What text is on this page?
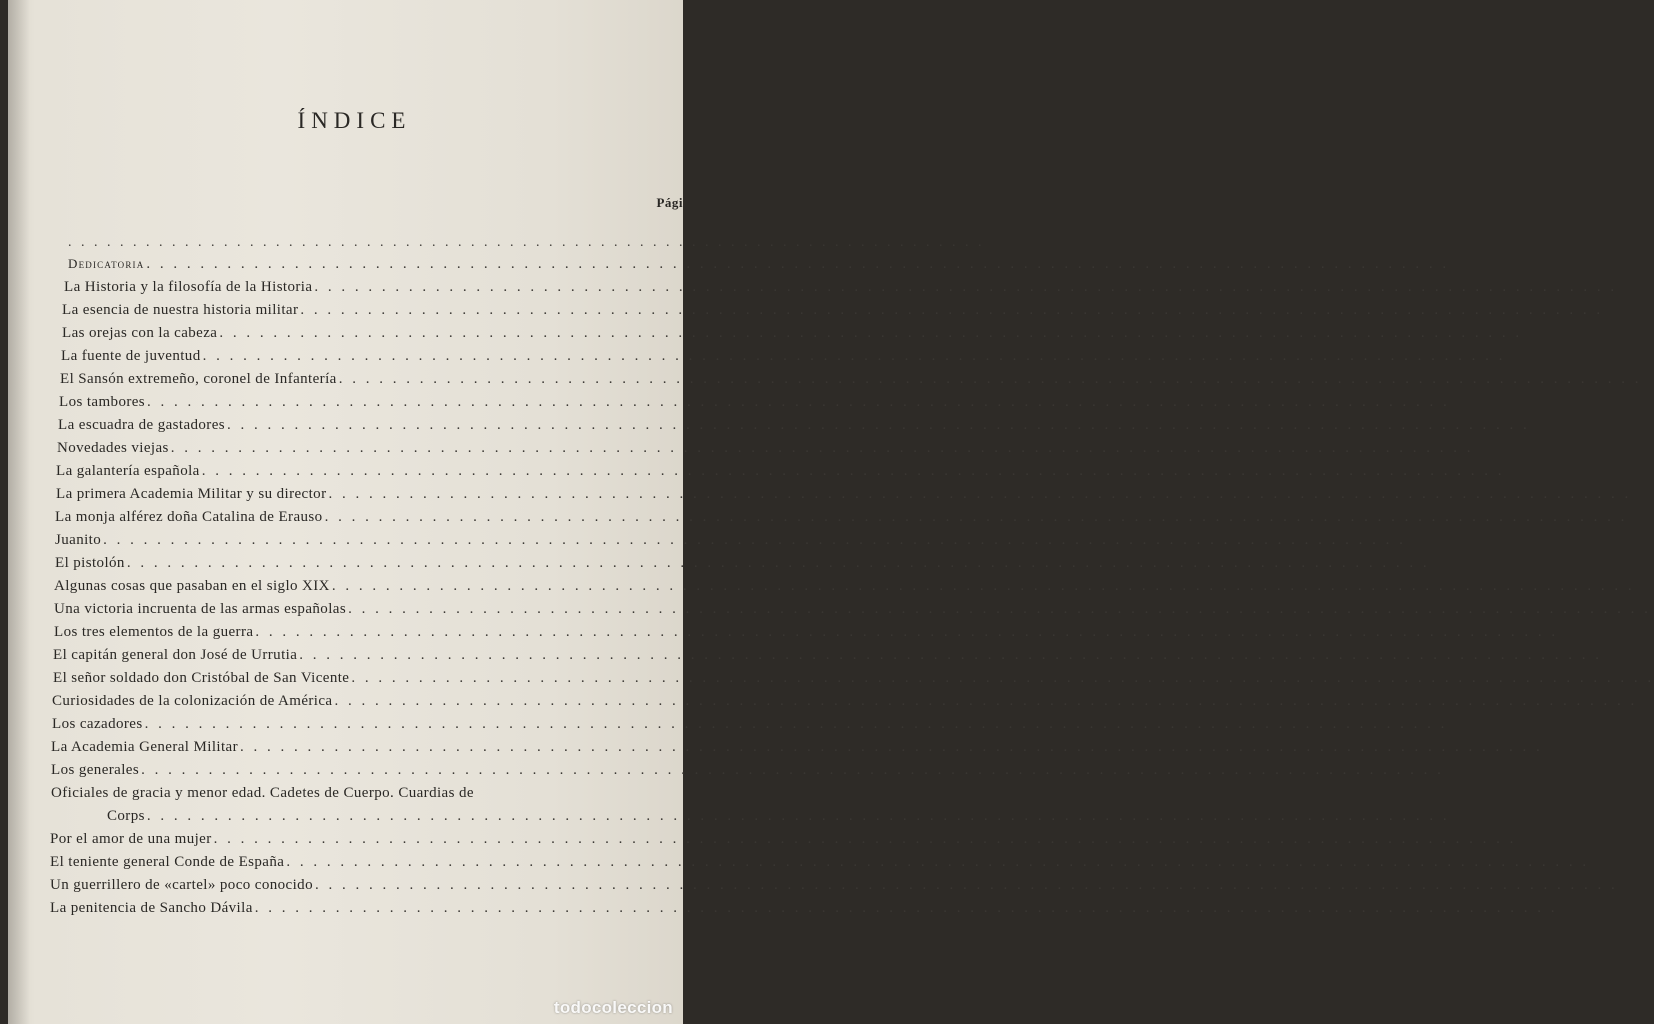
ÍNDICE
Pági
. . . . . . . . . . . . . . . . . . . . . . . . . . . . . . . . . . . . . . . . . . . . . . . . . . . . . . . . . . . . . . . . . . . . . . .
Dedicatoria
. . .
La Historia y la filosofía de la Historia
. . .
La esencia de nuestra historia militar
. . .
Las orejas con la cabeza
. . .
La fuente de juventud
. . .
El Sansón extremeño, coronel de Infantería
. . .
Los tambores
. . .
La escuadra de gastadores
. . .
Novedades viejas
. . .
La galantería española
. . .
La primera Academia Militar y su director
. . .
La monja alférez doña Catalina de Erauso
. . .
Juanito
. . .
El pistolón
. . .
Algunas cosas que pasaban en el siglo XIX
. . .
Una victoria incruenta de las armas españolas
. . .
Los tres elementos de la guerra
. . .
El capitán general don José de Urrutia
. . .
El señor soldado don Cristóbal de San Vicente
. . .
Curiosidades de la colonización de América
. . .
Los cazadores
. . .
La Academia General Militar
. . .
Los generales
. . .
Oficiales de gracia y menor edad. Cadetes de Cuerpo. Cuardias de
Corps
. . .
Por el amor de una mujer
. . .
El teniente general Conde de España
. . .
Un guerrillero de «cartel» poco conocido
. . .
La penitencia de Sancho Dávila
. . .
todocoleccion
